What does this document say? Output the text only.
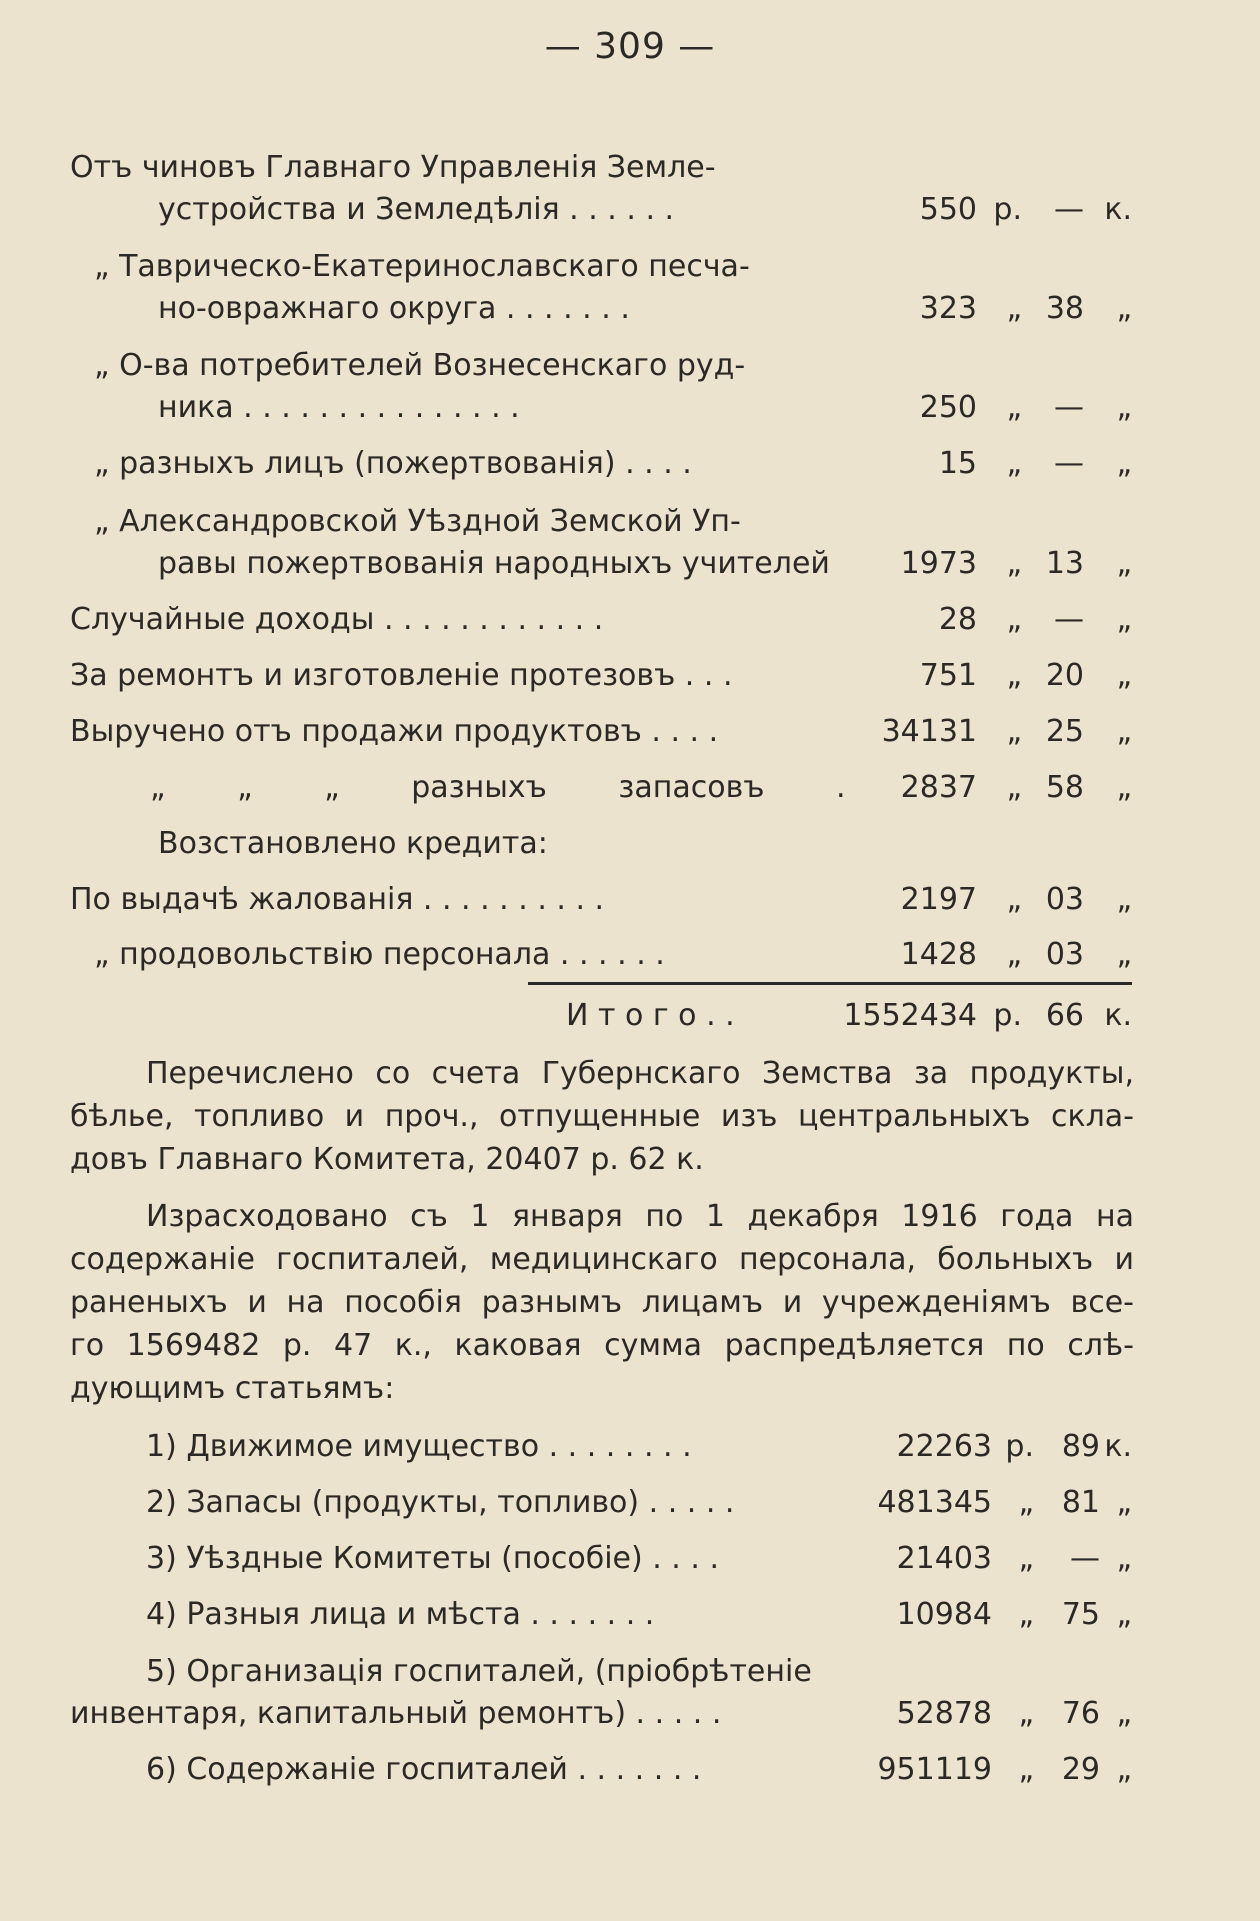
— 309 —
Отъ чиновъ Главнаго Управленія Земле-
устройства и Земледѣлія . . . . . .	550 р. — к.
„ Таврическо-Екатеринославскаго песча-
но-овражнаго округа . . . . . . .	323 „ 38 „
„ О-ва потребителей Вознесенскаго руд-
ника . . . . . . . . . . . . . . .	250 „ — „
„ разныхъ лицъ (пожертвованія) . . . .	15 „ — „
„ Александровской Уѣздной Земской Уп-
равы пожертвованія народныхъ учителей 1973 „ 13 „
Случайные доходы . . . . . . . . . . . .	28 „ — „
За ремонтъ и изготовленіе протезовъ . . .	751 „ 20 „
Выручено отъ продажи продуктовъ . . . .	34131 „ 25 „
„ „ „ разныхъ запасовъ . 2837 „ 58 „
Возстановлено кредита:
По выдачѣ жалованія . . . . . . . . . .	2197 „ 03 „
„ продовольствію персонала . . . . . .	1428 „ 03 „
И т о г о . .	1552434 р. 66 к.
Перечислено со счета Губернскаго Земства за продукты,
бѣлье, топливо и проч., отпущенные изъ центральныхъ скла-
довъ Главнаго Комитета, 20407 р. 62 к.
Израсходовано съ 1 января по 1 декабря 1916 года на
содержаніе госпиталей, медицинскаго персонала, больныхъ и
раненыхъ и на пособія разнымъ лицамъ и учрежденіямъ все-
го 1569482 р. 47 к., каковая сумма распредѣляется по слѣ-
дующимъ статьямъ:
1) Движимое имущество . . . . . . . .	22263 р. 89 к.
2) Запасы (продукты, топливо) . . . . .	481345 „ 81 „
3) Уѣздные Комитеты (пособіе) . . . .	21403 „ — „
4) Разныя лица и мѣста . . . . . . .	10984 „ 75 „
5) Организація госпиталей, (пріобрѣтеніе
инвентаря, капитальный ремонтъ) . . . . .	52878 „ 76 „
6) Содержаніе госпиталей . . . . . . .	951119 „ 29 „
